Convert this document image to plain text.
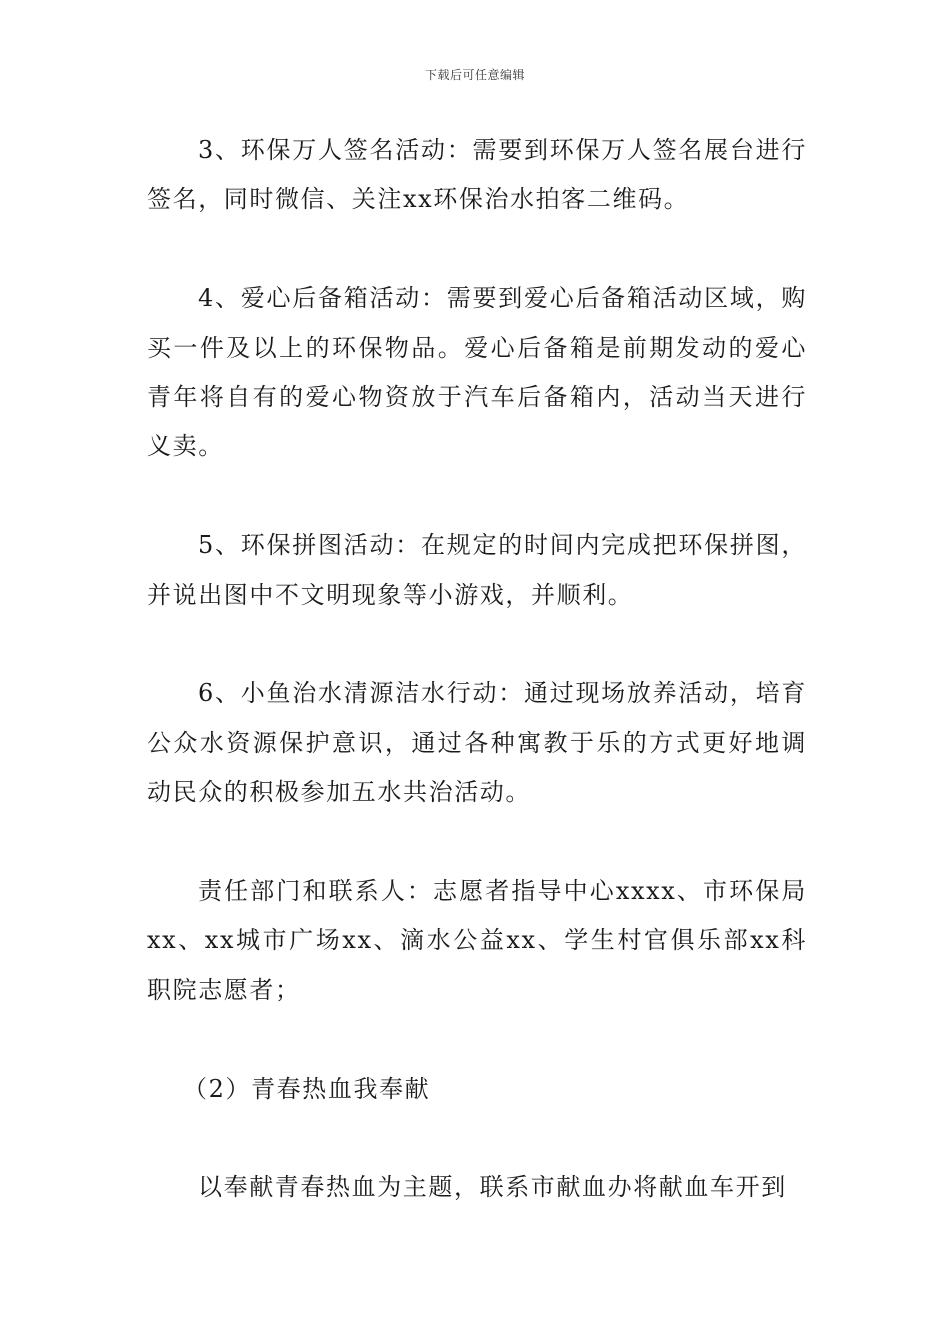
下载后可任意编辑

3、环保万人签名活动：需要到环保万人签名展台进行签名，同时微信、关注xx环保治水拍客二维码。

4、爱心后备箱活动：需要到爱心后备箱活动区域，购买一件及以上的环保物品。爱心后备箱是前期发动的爱心青年将自有的爱心物资放于汽车后备箱内，活动当天进行义卖。

5、环保拼图活动：在规定的时间内完成把环保拼图，并说出图中不文明现象等小游戏，并顺利。

6、小鱼治水清源洁水行动：通过现场放养活动，培育公众水资源保护意识，通过各种寓教于乐的方式更好地调动民众的积极参加五水共治活动。

责任部门和联系人：志愿者指导中心xxxx、市环保局xx、xx城市广场xx、滴水公益xx、学生村官俱乐部xx科职院志愿者；

（2）青春热血我奉献

以奉献青春热血为主题，联系市献血办将献血车开到
